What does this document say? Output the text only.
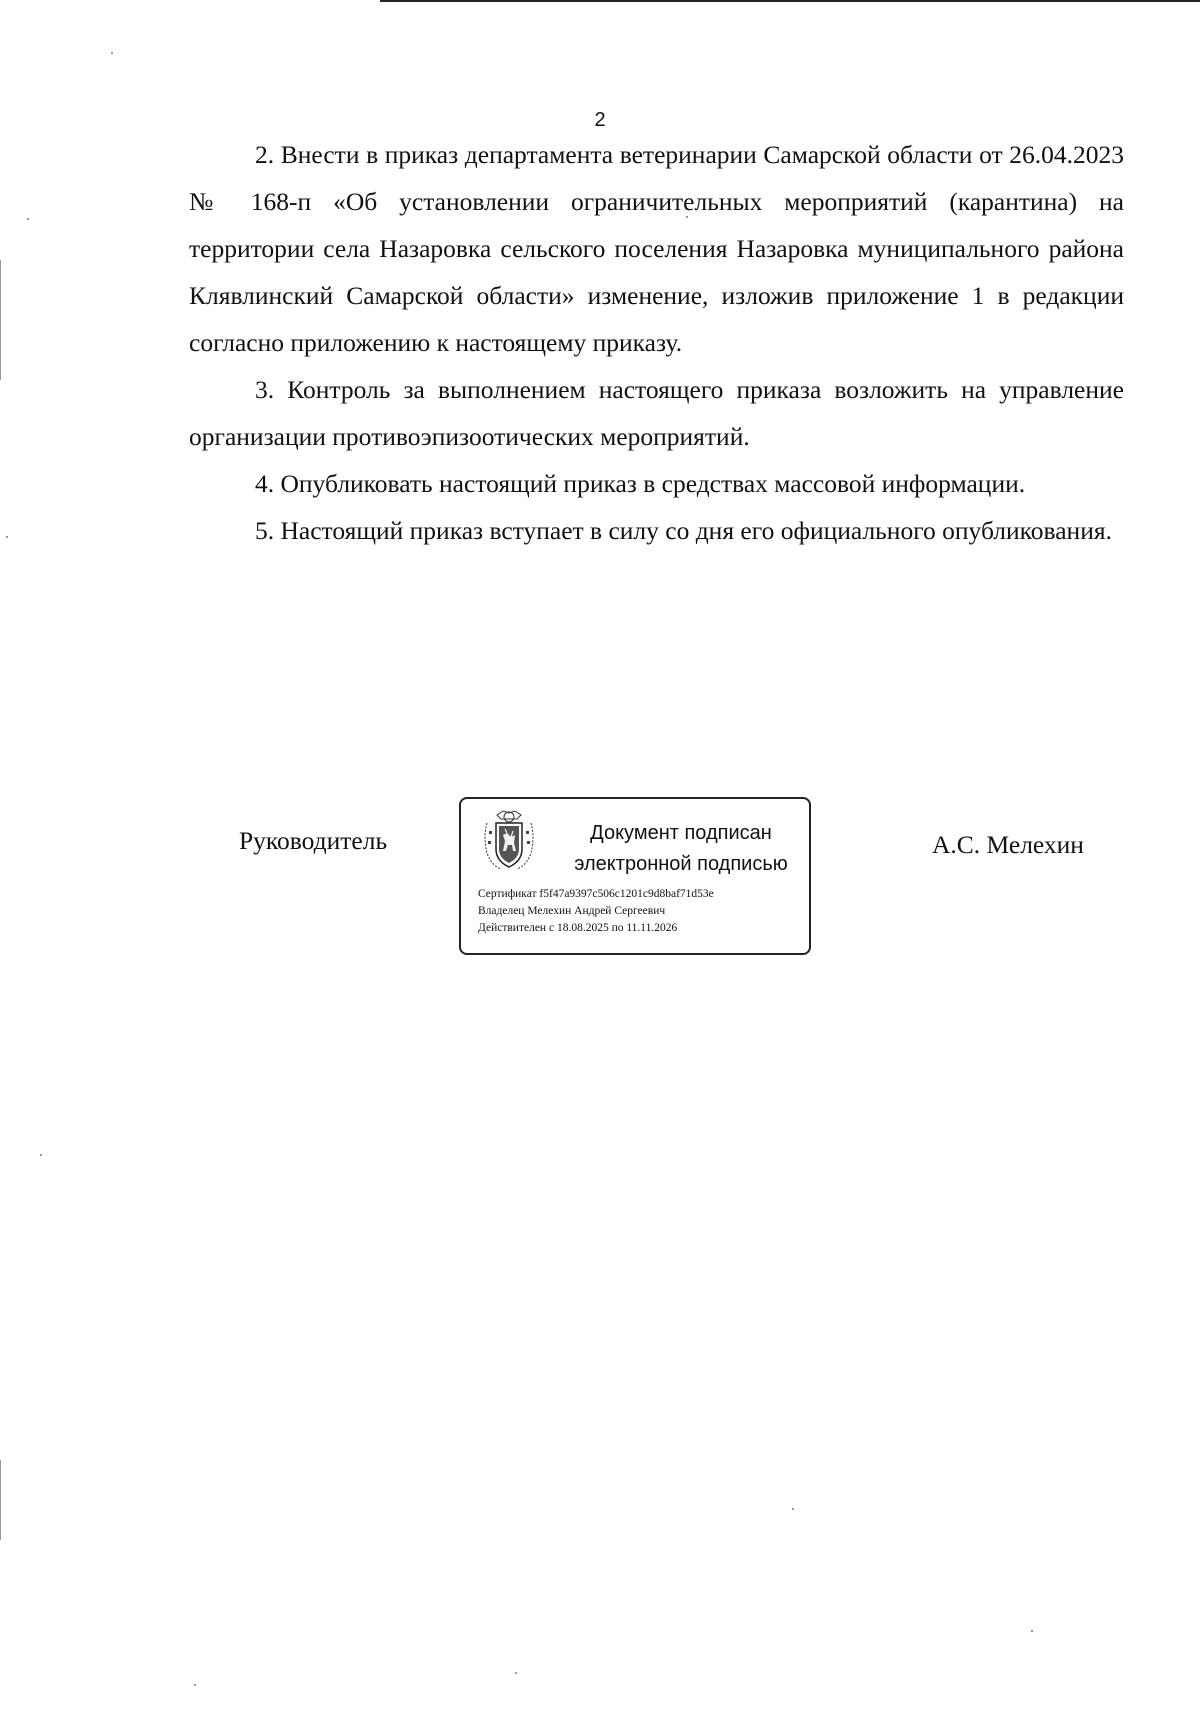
2

2. Внести в приказ департамента ветеринарии Самарской области от 26.04.2023 № 168-п «Об установлении ограничительных мероприятий (карантина) на территории села Назаровка сельского поселения Назаровка муниципального района Клявлинский Самарской области» изменение, изложив приложение 1 в редакции согласно приложению к настоящему приказу.

3. Контроль за выполнением настоящего приказа возложить на управление организации противоэпизоотических мероприятий.

4. Опубликовать настоящий приказ в средствах массовой информации.

5. Настоящий приказ вступает в силу со дня его официального опубликования.

Руководитель	Документ подписан
электронной подписью
Сертификат f5f47a9397c506c1201c9d8baf71d53e
Владелец Мелехин Андрей Сергеевич
Действителен с 18.08.2025 по 11.11.2026
А.С. Мелехин
